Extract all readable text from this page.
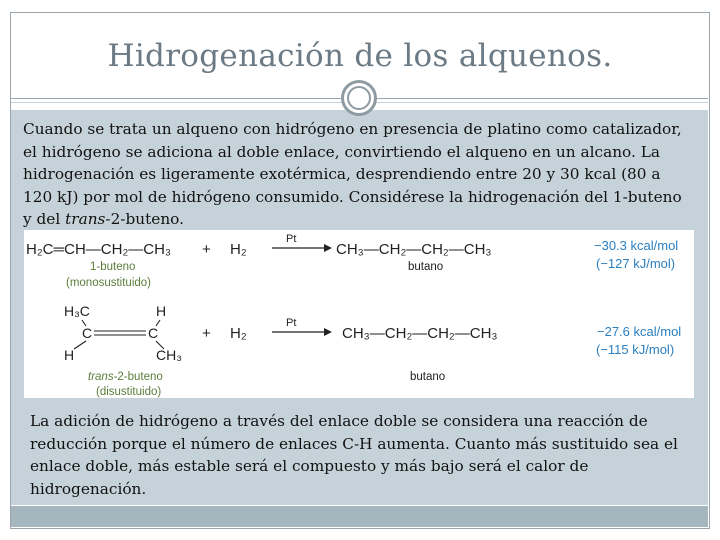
Hidrogenación de los alquenos.
Cuando se trata un alqueno con hidrógeno en presencia de platino como catalizador, el hidrógeno se adiciona al doble enlace, convirtiendo el alqueno en un alcano. La hidrogenación es ligeramente exotérmica, desprendiendo entre 20 y 30 kcal (80 a 120 kJ) por mol de hidrógeno consumido. Considérese la hidrogenación del 1-buteno y del trans-2-buteno.
H₂C═CH—CH₂—CH₃ + H₂
Pt
CH₃—CH₂—CH₂—CH₃
1-buteno
(monosustituido)
butano
−30.3 kcal/mol
(−127 kJ/mol)
H₃C	H
C	C
H	CH₃
+ H₂
Pt
CH₃—CH₂—CH₂—CH₃
trans-2-buteno
(disustituido)
butano
−27.6 kcal/mol
(−115 kJ/mol)
La adición de hidrógeno a través del enlace doble se considera una reacción de reducción porque el número de enlaces C-H aumenta. Cuanto más sustituido sea el enlace doble, más estable será el compuesto y más bajo será el calor de hidrogenación.
